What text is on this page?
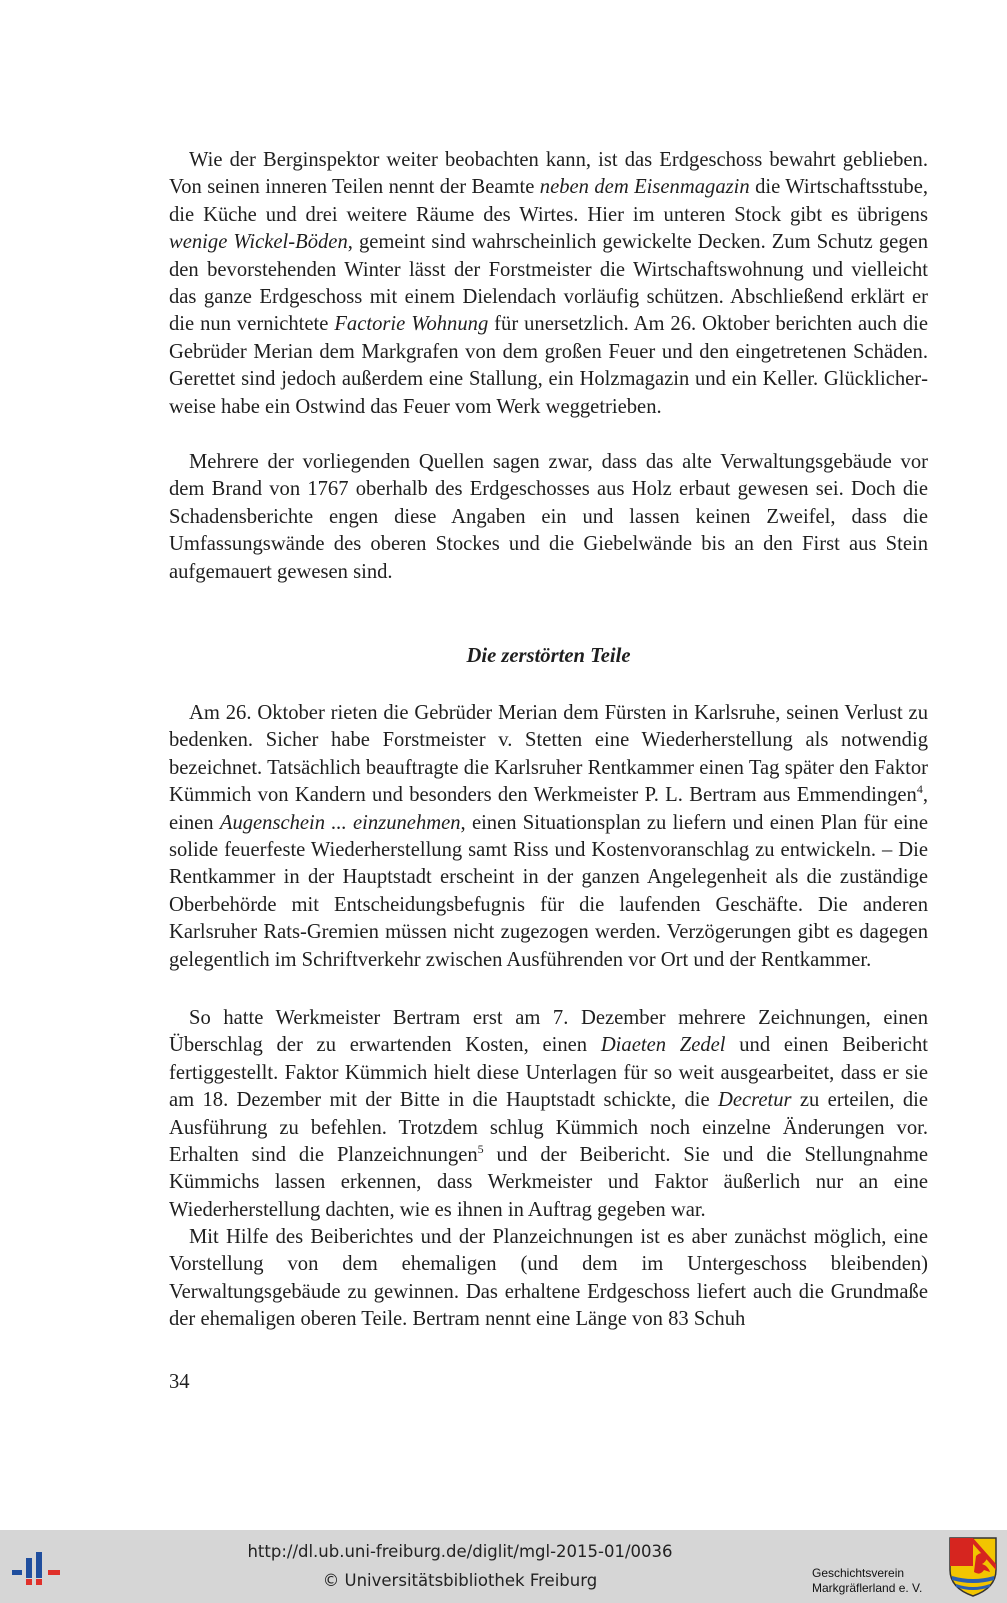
Wie der Berginspektor weiter beobachten kann, ist das Erdgeschoss bewahrt geblieben. Von seinen inneren Teilen nennt der Beamte neben dem Eisenmagazin die Wirtschaftsstube, die Küche und drei weitere Räume des Wirtes. Hier im unteren Stock gibt es übrigens wenige Wickel-Böden, gemeint sind wahrscheinlich gewickelte Decken. Zum Schutz gegen den bevorstehenden Winter lässt der Forstmeister die Wirtschaftswohnung und vielleicht das ganze Erdgeschoss mit einem Dielendach vorläufig schützen. Abschließend erklärt er die nun vernichtete Factorie Wohnung für unersetzlich. Am 26. Oktober berichten auch die Gebrüder Merian dem Markgrafen von dem großen Feuer und den eingetretenen Schäden. Gerettet sind jedoch außerdem eine Stallung, ein Holzmagazin und ein Keller. Glücklicherweise habe ein Ostwind das Feuer vom Werk weggetrieben.

Mehrere der vorliegenden Quellen sagen zwar, dass das alte Verwaltungsgebäude vor dem Brand von 1767 oberhalb des Erdgeschosses aus Holz erbaut gewesen sei. Doch die Schadensberichte engen diese Angaben ein und lassen keinen Zweifel, dass die Umfassungswände des oberen Stockes und die Giebelwände bis an den First aus Stein aufgemauert gewesen sind.

Die zerstörten Teile

Am 26. Oktober rieten die Gebrüder Merian dem Fürsten in Karlsruhe, seinen Verlust zu bedenken. Sicher habe Forstmeister v. Stetten eine Wiederherstellung als notwendig bezeichnet. Tatsächlich beauftragte die Karlsruher Rentkammer einen Tag später den Faktor Kümmich von Kandern und besonders den Werkmeister P. L. Bertram aus Emmendingen$^4$, einen Augenschein ... einzunehmen, einen Situationsplan zu liefern und einen Plan für eine solide feuerfeste Wiederherstellung samt Riss und Kostenvoranschlag zu entwickeln. – Die Rentkammer in der Hauptstadt erscheint in der ganzen Angelegenheit als die zuständige Oberbehörde mit Entscheidungsbefugnis für die laufenden Geschäfte. Die anderen Karlsruher Rats-Gremien müssen nicht zugezogen werden. Verzögerungen gibt es dagegen gelegentlich im Schriftverkehr zwischen Ausführenden vor Ort und der Rentkammer.

So hatte Werkmeister Bertram erst am 7. Dezember mehrere Zeichnungen, einen Überschlag der zu erwartenden Kosten, einen Diaeten Zedel und einen Beibericht fertiggestellt. Faktor Kümmich hielt diese Unterlagen für so weit ausgearbeitet, dass er sie am 18. Dezember mit der Bitte in die Hauptstadt schickte, die Decretur zu erteilen, die Ausführung zu befehlen. Trotzdem schlug Kümmich noch einzelne Änderungen vor. Erhalten sind die Planzeichnungen$^5$ und der Beibericht. Sie und die Stellungnahme Kümmichs lassen erkennen, dass Werkmeister und Faktor äußerlich nur an eine Wiederherstellung dachten, wie es ihnen in Auftrag gegeben war.

Mit Hilfe des Beiberichtes und der Planzeichnungen ist es aber zunächst möglich, eine Vorstellung von dem ehemaligen (und dem im Untergeschoss bleibenden) Verwaltungsgebäude zu gewinnen. Das erhaltene Erdgeschoss liefert auch die Grundmaße der ehemaligen oberen Teile. Bertram nennt eine Länge von 83 Schuh

34
http://dl.ub.uni-freiburg.de/diglit/mgl-2015-01/0036
© Universitätsbibliothek Freiburg	Geschichtsverein
Markgräflerland e. V.
